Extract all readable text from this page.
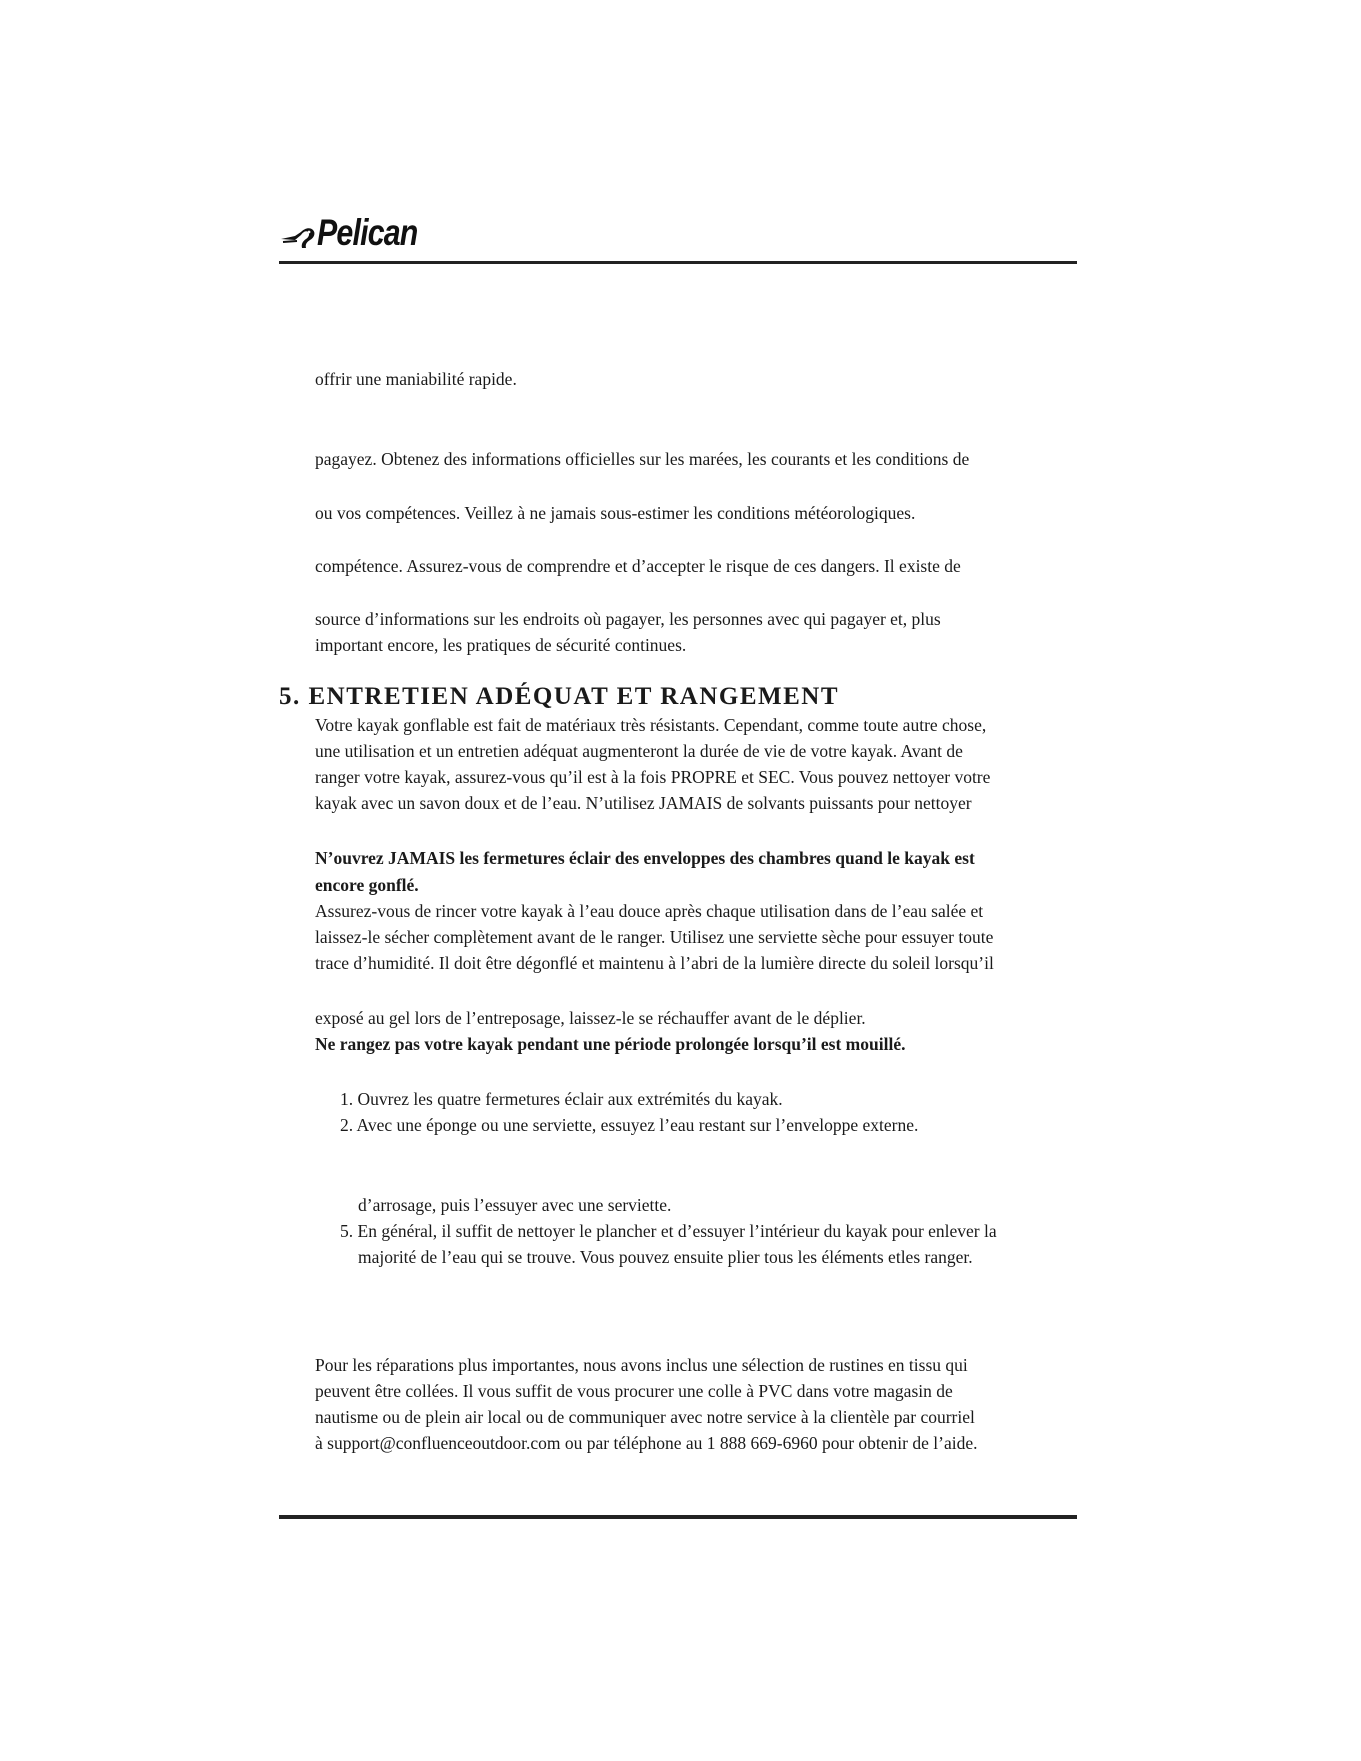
Pelican
offrir une maniabilité rapide.
pagayez. Obtenez des informations officielles sur les marées, les courants et les conditions de
ou vos compétences. Veillez à ne jamais sous-estimer les conditions météorologiques.
compétence. Assurez-vous de comprendre et d’accepter le risque de ces dangers. Il existe de
source d’informations sur les endroits où pagayer, les personnes avec qui pagayer et, plus
important encore, les pratiques de sécurité continues.
5. ENTRETIEN ADÉQUAT ET RANGEMENT
Votre kayak gonflable est fait de matériaux très résistants. Cependant, comme toute autre chose,
une utilisation et un entretien adéquat augmenteront la durée de vie de votre kayak. Avant de
ranger votre kayak, assurez-vous qu’il est à la fois PROPRE et SEC. Vous pouvez nettoyer votre
kayak avec un savon doux et de l’eau. N’utilisez JAMAIS de solvants puissants pour nettoyer
N’ouvrez JAMAIS les fermetures éclair des enveloppes des chambres quand le kayak est
encore gonflé.
Assurez-vous de rincer votre kayak à l’eau douce après chaque utilisation dans de l’eau salée et
laissez-le sécher complètement avant de le ranger. Utilisez une serviette sèche pour essuyer toute
trace d’humidité. Il doit être dégonflé et maintenu à l’abri de la lumière directe du soleil lorsqu’il
exposé au gel lors de l’entreposage, laissez-le se réchauffer avant de le déplier.
Ne rangez pas votre kayak pendant une période prolongée lorsqu’il est mouillé.
1. Ouvrez les quatre fermetures éclair aux extrémités du kayak.
2. Avec une éponge ou une serviette, essuyez l’eau restant sur l’enveloppe externe.
d’arrosage, puis l’essuyer avec une serviette.
5. En général, il suffit de nettoyer le plancher et d’essuyer l’intérieur du kayak pour enlever la
majorité de l’eau qui se trouve. Vous pouvez ensuite plier tous les éléments etles ranger.
Pour les réparations plus importantes, nous avons inclus une sélection de rustines en tissu qui
peuvent être collées. Il vous suffit de vous procurer une colle à PVC dans votre magasin de
nautisme ou de plein air local ou de communiquer avec notre service à la clientèle par courriel
à support@confluenceoutdoor.com ou par téléphone au 1 888 669-6960 pour obtenir de l’aide.
